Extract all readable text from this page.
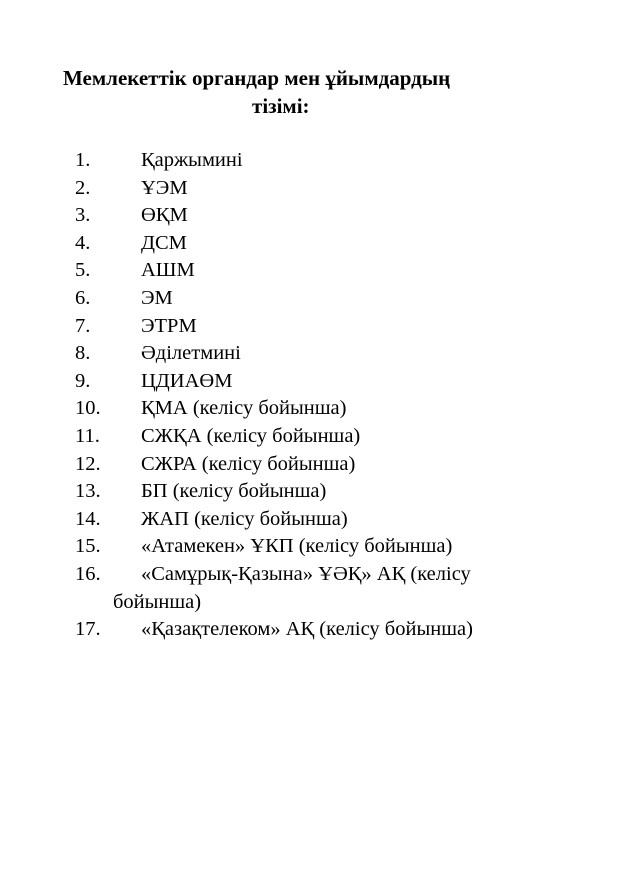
Мемлекеттік органдар мен ұйымдардың
тізімі:
1. Қаржымині
2. ҰЭМ
3. ӨҚМ
4. ДСМ
5. АШМ
6. ЭМ
7. ЭТРМ
8. Әділетмині
9. ЦДИАӨМ
10. ҚМА (келісу бойынша)
11. СЖҚА (келісу бойынша)
12. СЖРА (келісу бойынша)
13. БП (келісу бойынша)
14. ЖАП (келісу бойынша)
15. «Атамекен» ҰКП (келісу бойынша)
16. «Самұрық-Қазына» ҰӘҚ» АҚ (келісу
бойынша)
17. «Қазақтелеком» АҚ (келісу бойынша)
